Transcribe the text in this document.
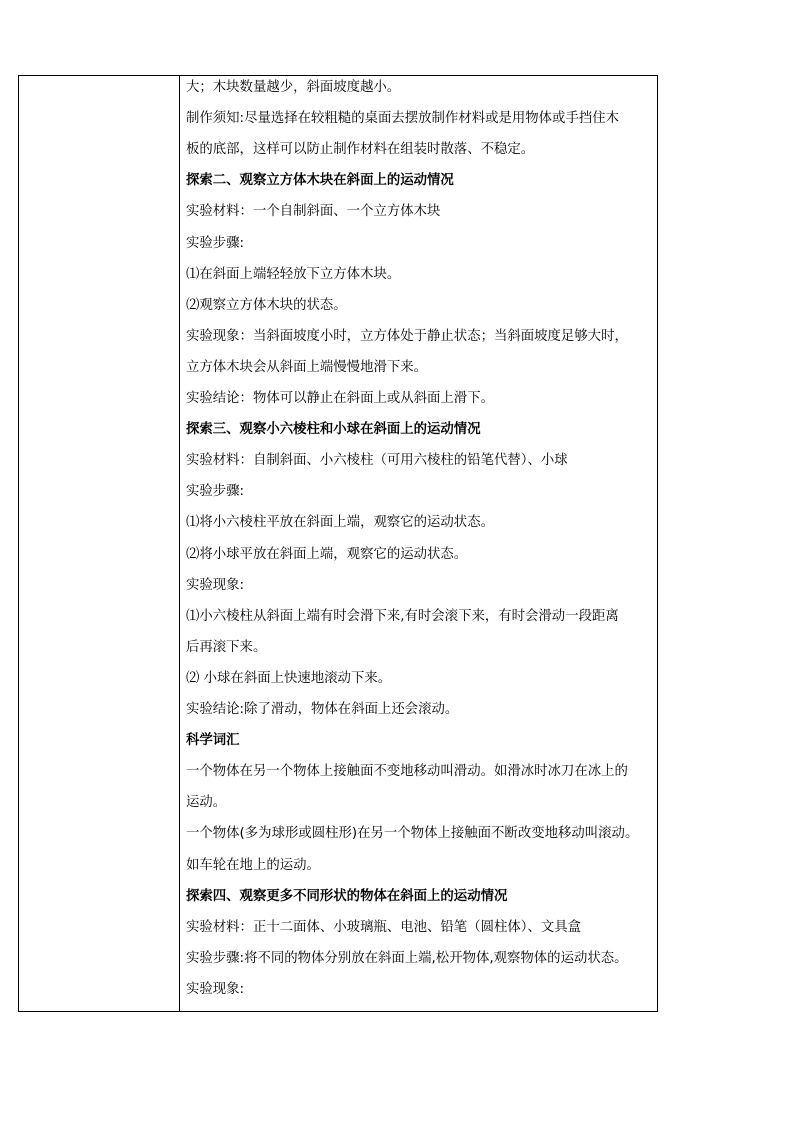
大；木块数量越少，斜面坡度越小。
制作须知:尽量选择在较粗糙的桌面去摆放制作材料或是用物体或手挡住木
板的底部，这样可以防止制作材料在组装时散落、不稳定。
探索二、观察立方体木块在斜面上的运动情况
实验材料：一个自制斜面、一个立方体木块
实验步骤:
⑴在斜面上端轻轻放下立方体木块。
⑵观察立方体木块的状态。
实验现象：当斜面坡度小时，立方体处于静止状态；当斜面坡度足够大时，
立方体木块会从斜面上端慢慢地滑下来。
实验结论：物体可以静止在斜面上或从斜面上滑下。
探索三、观察小六棱柱和小球在斜面上的运动情况
实验材料：自制斜面、小六棱柱（可用六棱柱的铅笔代替）、小球
实验步骤:
⑴将小六棱柱平放在斜面上端，观察它的运动状态。
⑵将小球平放在斜面上端，观察它的运动状态。
实验现象:
⑴小六棱柱从斜面上端有时会滑下来,有时会滚下来，有时会滑动一段距离
后再滚下来。
⑵ 小球在斜面上快速地滚动下来。
实验结论:除了滑动，物体在斜面上还会滚动。
科学词汇
一个物体在另一个物体上接触面不变地移动叫滑动。如滑冰时冰刀在冰上的
运动。
一个物体(多为球形或圆柱形)在另一个物体上接触面不断改变地移动叫滚动。
如车轮在地上的运动。
探索四、观察更多不同形状的物体在斜面上的运动情况
实验材料：正十二面体、小玻璃瓶、电池、铅笔（圆柱体）、文具盒
实验步骤:将不同的物体分别放在斜面上端,松开物体,观察物体的运动状态。
实验现象:
